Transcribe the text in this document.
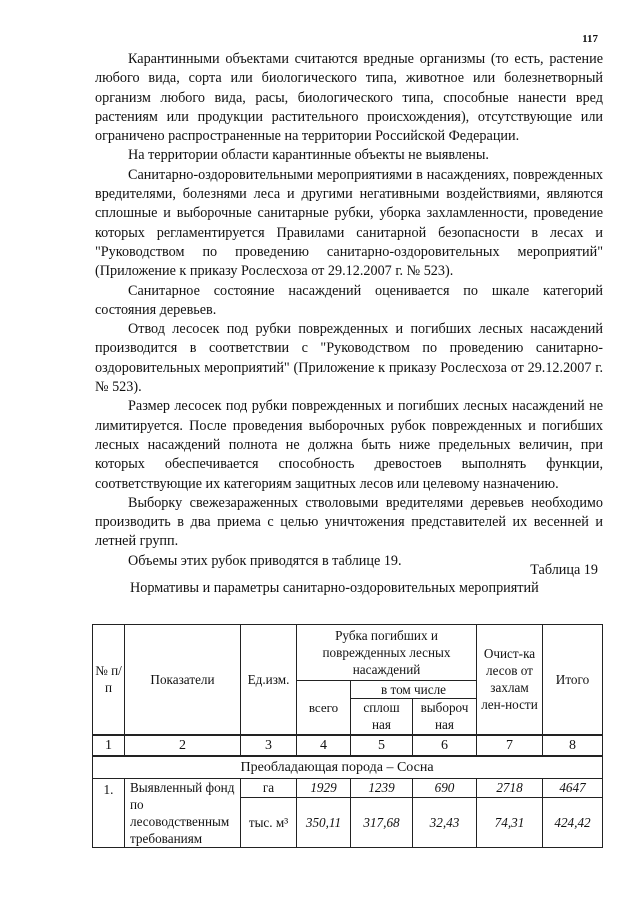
117

Карантинными объектами считаются вредные организмы (то есть, растение любого вида, сорта или биологического типа, животное или болезнетворный организм любого вида, расы, биологического типа, способные нанести вред растениям или продукции растительного происхождения), отсутствующие или ограничено распространенные на территории Российской Федерации.

На территории области карантинные объекты не выявлены.

Санитарно-оздоровительными мероприятиями в насаждениях, поврежденных вредителями, болезнями леса и другими негативными воздействиями, являются сплошные и выборочные санитарные рубки, уборка захламленности, проведение которых регламентируется Правилами санитарной безопасности в лесах и "Руководством по проведению санитарно-оздоровительных мероприятий" (Приложение к приказу Рослесхоза от 29.12.2007 г. № 523).

Санитарное состояние насаждений оценивается по шкале категорий состояния деревьев.

Отвод лесосек под рубки поврежденных и погибших лесных насаждений производится в соответствии с "Руководством по проведению санитарно-оздоровительных мероприятий" (Приложение к приказу Рослесхоза от 29.12.2007 г. № 523).

Размер лесосек под рубки поврежденных и погибших лесных насаждений не лимитируется. После проведения выборочных рубок поврежденных и погибших лесных насаждений полнота не должна быть ниже предельных величин, при которых обеспечивается способность древостоев выполнять функции, соответствующие их категориям защитных лесов или целевому назначению.

Выборку свежезараженных стволовыми вредителями деревьев необходимо производить в два приема с целью уничтожения представителей их весенней и летней групп.

Объемы этих рубок приводятся в таблице 19.

Таблица 19
Нормативы и параметры санитарно-оздоровительных мероприятий
№ п/п	Показатели	Ед.изм.	Рубка погибших и поврежденных лесных насаждений			Очист-ка лесов от захлам лен-ности	Итого
			всего	в том числе			
				сплош ная	выбороч ная		
1	2	3	4	5	6	7	8
		Преобладающая порода – Сосна					
1.	Выявленный фонд по лесоводственным требованиям	га	1929	1239	690	2718	4647
		тыс. м³	350,11	317,68	32,43	74,31	424,42
